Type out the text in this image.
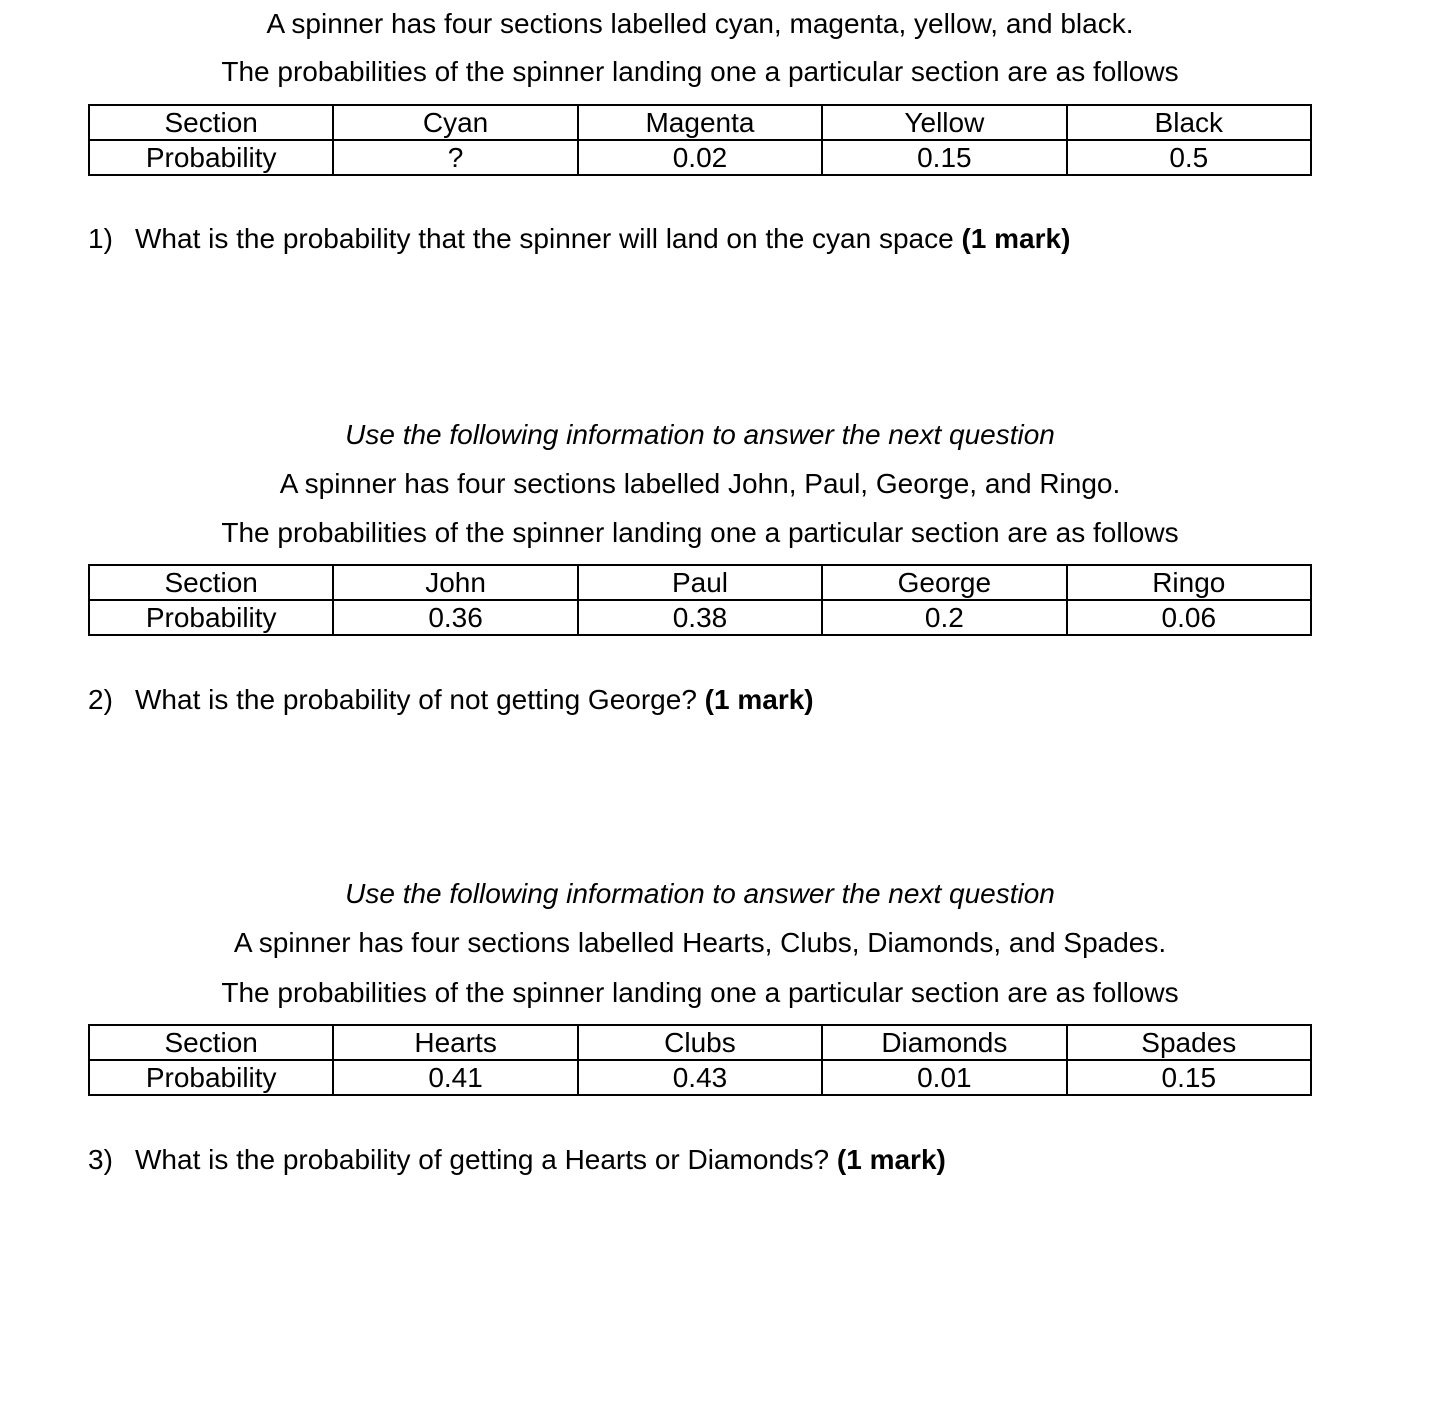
A spinner has four sections labelled cyan, magenta, yellow, and black.
The probabilities of the spinner landing one a particular section are as follows
Section	Cyan	Magenta	Yellow	Black
Probability	?	0.02	0.15	0.5
1) What is the probability that the spinner will land on the cyan space (1 mark)
Use the following information to answer the next question
A spinner has four sections labelled John, Paul, George, and Ringo.
The probabilities of the spinner landing one a particular section are as follows
Section	John	Paul	George	Ringo
Probability	0.36	0.38	0.2	0.06
2) What is the probability of not getting George? (1 mark)
Use the following information to answer the next question
A spinner has four sections labelled Hearts, Clubs, Diamonds, and Spades.
The probabilities of the spinner landing one a particular section are as follows
Section	Hearts	Clubs	Diamonds	Spades
Probability	0.41	0.43	0.01	0.15
3) What is the probability of getting a Hearts or Diamonds? (1 mark)
